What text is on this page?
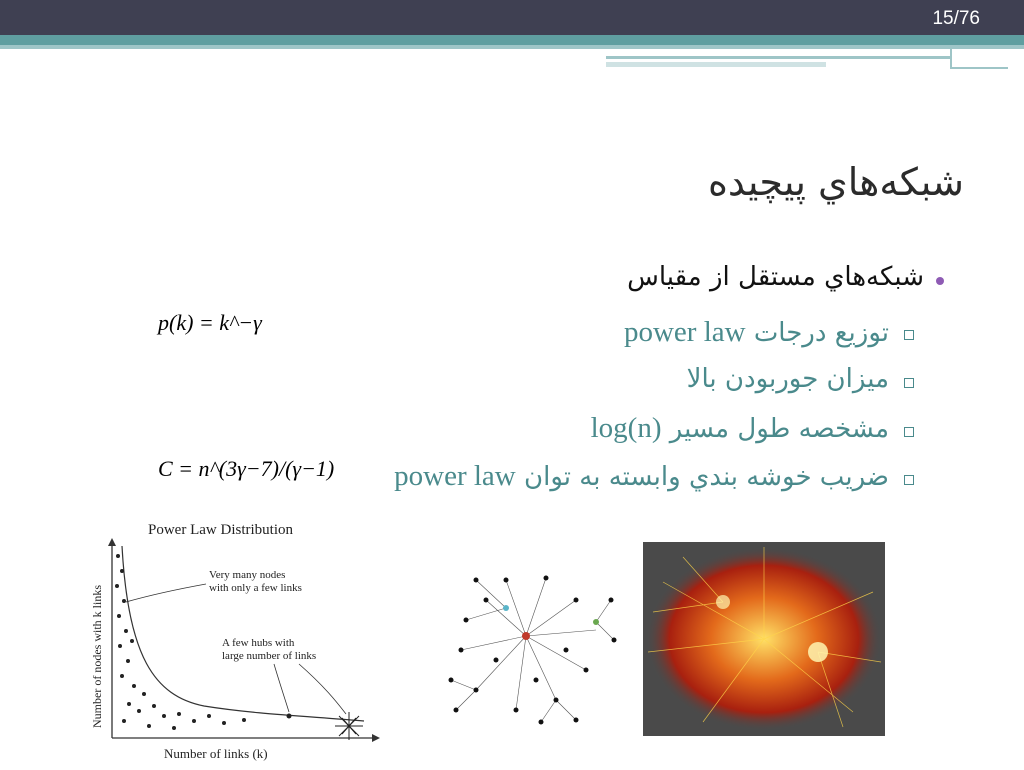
15/76
شبکه‌هاي پيچيده
شبکه‌هاي مستقل از مقياس
توزيع درجات power law
ميزان جوربودن بالا
مشخصه طول مسير log(n)
ضريب خوشه بندي وابسته به توان power law
p(k) = k^−γ
C = n^(3γ−7)/(γ−1)
Power Law Distribution
Very many nodes
with only a few links
A few hubs with
large number of links
Number of links (k)
Number of nodes with k links
